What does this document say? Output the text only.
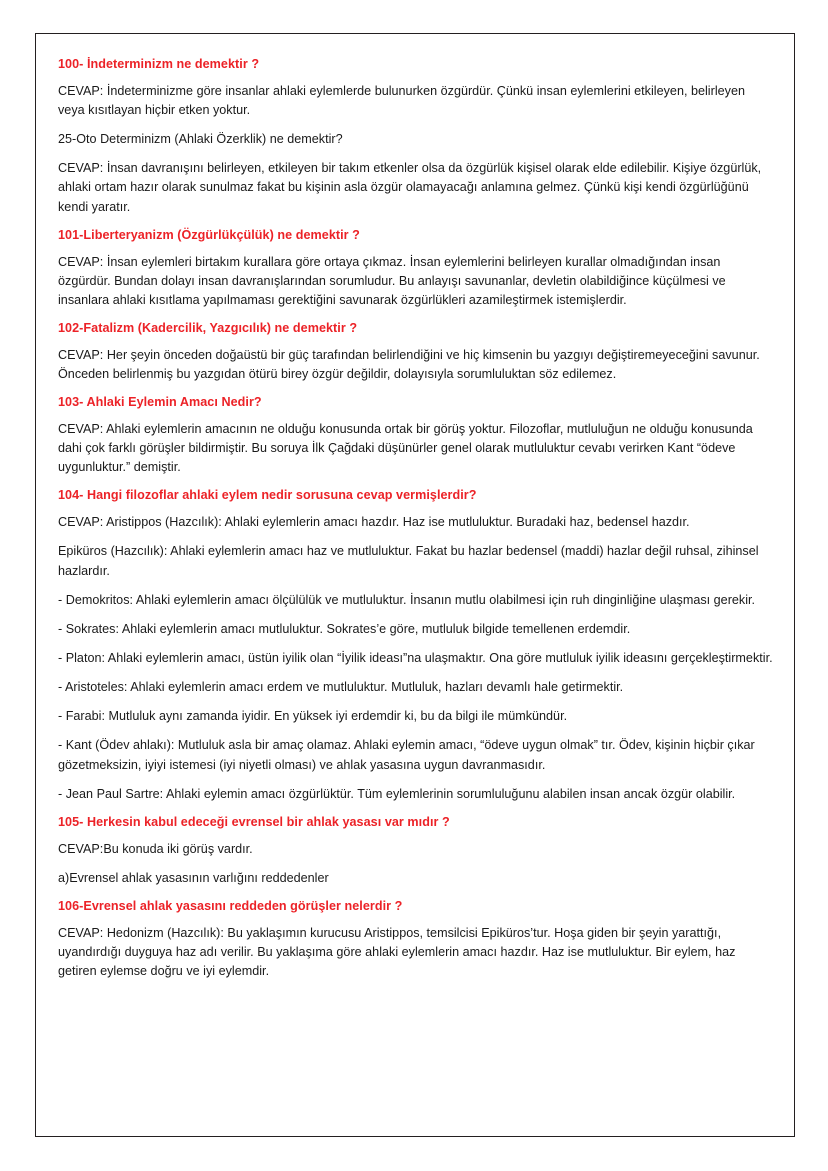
100- İndeterminizm ne demektir ?

CEVAP: İndeterminizme göre insanlar ahlaki eylemlerde bulunurken özgürdür. Çünkü insan eylemlerini etkileyen, belirleyen veya kısıtlayan hiçbir etken yoktur.

25-Oto Determinizm (Ahlaki Özerklik) ne demektir?

CEVAP: İnsan davranışını belirleyen, etkileyen bir takım etkenler olsa da özgürlük kişisel olarak elde edilebilir. Kişiye özgürlük, ahlaki ortam hazır olarak sunulmaz fakat bu kişinin asla özgür olamayacağı anlamına gelmez. Çünkü kişi kendi özgürlüğünü kendi yaratır.

101-Liberteryanizm (Özgürlükçülük) ne demektir ?

CEVAP: İnsan eylemleri birtakım kurallara göre ortaya çıkmaz. İnsan eylemlerini belirleyen kurallar olmadığından insan özgürdür. Bundan dolayı insan davranışlarından sorumludur. Bu anlayışı savunanlar, devletin olabildiğince küçülmesi ve insanlara ahlaki kısıtlama yapılmaması gerektiğini savunarak özgürlükleri azamileştirmek istemişlerdir.

102-Fatalizm (Kadercilik, Yazgıcılık) ne demektir ?

CEVAP: Her şeyin önceden doğaüstü bir güç tarafından belirlendiğini ve hiç kimsenin bu yazgıyı değiştiremeyeceğini savunur. Önceden belirlenmiş bu yazgıdan ötürü birey özgür değildir, dolayısıyla sorumluluktan söz edilemez.

103- Ahlaki Eylemin Amacı Nedir?

CEVAP: Ahlaki eylemlerin amacının ne olduğu konusunda ortak bir görüş yoktur. Filozoflar, mutluluğun ne olduğu konusunda dahi çok farklı görüşler bildirmiştir. Bu soruya İlk Çağdaki düşünürler genel olarak mutluluktur cevabı verirken Kant “ödeve uygunluktur.” demiştir.

104- Hangi filozoflar ahlaki eylem nedir sorusuna cevap vermişlerdir?

CEVAP: Aristippos (Hazcılık): Ahlaki eylemlerin amacı hazdır. Haz ise mutluluktur. Buradaki haz, bedensel hazdır.

Epiküros (Hazcılık): Ahlaki eylemlerin amacı haz ve mutluluktur. Fakat bu hazlar bedensel (maddi) hazlar değil ruhsal, zihinsel hazlardır.

- Demokritos: Ahlaki eylemlerin amacı ölçülülük ve mutluluktur. İnsanın mutlu olabilmesi için ruh dinginliğine ulaşması gerekir.

- Sokrates: Ahlaki eylemlerin amacı mutluluktur. Sokrates’e göre, mutluluk bilgide temellenen erdemdir.

- Platon: Ahlaki eylemlerin amacı, üstün iyilik olan “İyilik ideası”na ulaşmaktır. Ona göre mutluluk iyilik ideasını gerçekleştirmektir.

- Aristoteles: Ahlaki eylemlerin amacı erdem ve mutluluktur. Mutluluk, hazları devamlı hale getirmektir.

- Farabi: Mutluluk aynı zamanda iyidir. En yüksek iyi erdemdir ki, bu da bilgi ile mümkündür.

- Kant (Ödev ahlakı): Mutluluk asla bir amaç olamaz. Ahlaki eylemin amacı, “ödeve uygun olmak” tır. Ödev, kişinin hiçbir çıkar gözetmeksizin, iyiyi istemesi (iyi niyetli olması) ve ahlak yasasına uygun davranmasıdır.

- Jean Paul Sartre: Ahlaki eylemin amacı özgürlüktür. Tüm eylemlerinin sorumluluğunu alabilen insan ancak özgür olabilir.

105- Herkesin kabul edeceği evrensel bir ahlak yasası var mıdır ?

CEVAP:Bu konuda iki görüş vardır.

a)Evrensel ahlak yasasının varlığını reddedenler

106-Evrensel ahlak yasasını reddeden görüşler nelerdir ?

CEVAP: Hedonizm (Hazcılık): Bu yaklaşımın kurucusu Aristippos, temsilcisi Epiküros’tur. Hoşa giden bir şeyin yarattığı, uyandırdığı duyguya haz adı verilir. Bu yaklaşıma göre ahlaki eylemlerin amacı hazdır. Haz ise mutluluktur. Bir eylem, haz getiren eylemse doğru ve iyi eylemdir.
